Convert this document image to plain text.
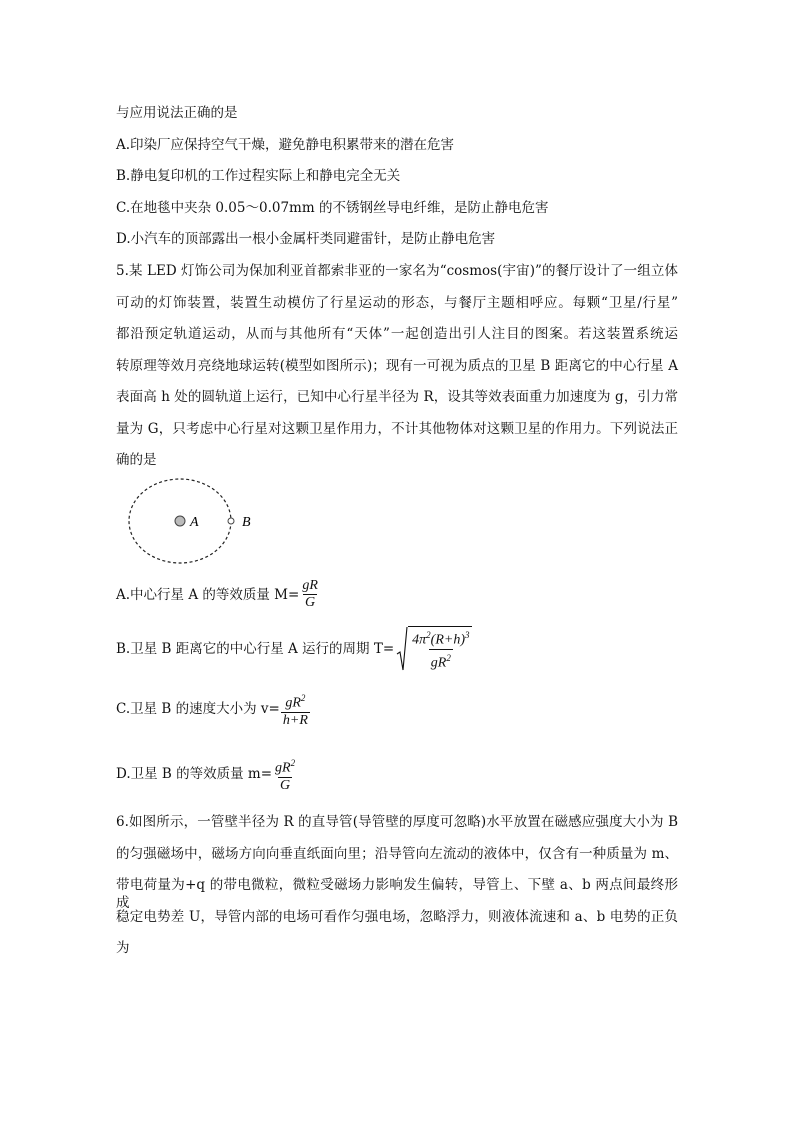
与应用说法正确的是
A.印染厂应保持空气干燥，避免静电积累带来的潜在危害
B.静电复印机的工作过程实际上和静电完全无关
C.在地毯中夹杂 0.05～0.07mm 的不锈钢丝导电纤维，是防止静电危害
D.小汽车的顶部露出一根小金属杆类同避雷针，是防止静电危害
5.某 LED 灯饰公司为保加利亚首都索非亚的一家名为“cosmos(宇宙)”的餐厅设计了一组立体
可动的灯饰装置，装置生动模仿了行星运动的形态，与餐厅主题相呼应。每颗“卫星/行星”
都沿预定轨道运动，从而与其他所有“天体”一起创造出引人注目的图案。若这装置系统运
转原理等效月亮绕地球运转(模型如图所示)；现有一可视为质点的卫星 B 距离它的中心行星 A
表面高 h 处的圆轨道上运行，已知中心行星半径为 R，设其等效表面重力加速度为 g，引力常
量为 G，只考虑中心行星对这颗卫星作用力，不计其他物体对这颗卫星的作用力。下列说法正
确的是
A	B
A.中心行星 A 的等效质量 $M= \frac{gR}{G}$
B.卫星 B 距离它的中心行星 A 运行的周期 $T= \frac{4\pi^2(R+h)^3}{gR^2}$
C.卫星 B 的速度大小为 $v= \frac{gR^2}{h+R}$
D.卫星 B 的等效质量 $m= \frac{gR^2}{G}$
6.如图所示，一管壁半径为 R 的直导管(导管壁的厚度可忽略)水平放置在磁感应强度大小为 B
的匀强磁场中，磁场方向向垂直纸面向里；沿导管向左流动的液体中，仅含有一种质量为 m、
带电荷量为+q 的带电微粒，微粒受磁场力影响发生偏转，导管上、下壁 a、b 两点间最终形成
稳定电势差 U，导管内部的电场可看作匀强电场，忽略浮力，则液体流速和 a、b 电势的正负
为
